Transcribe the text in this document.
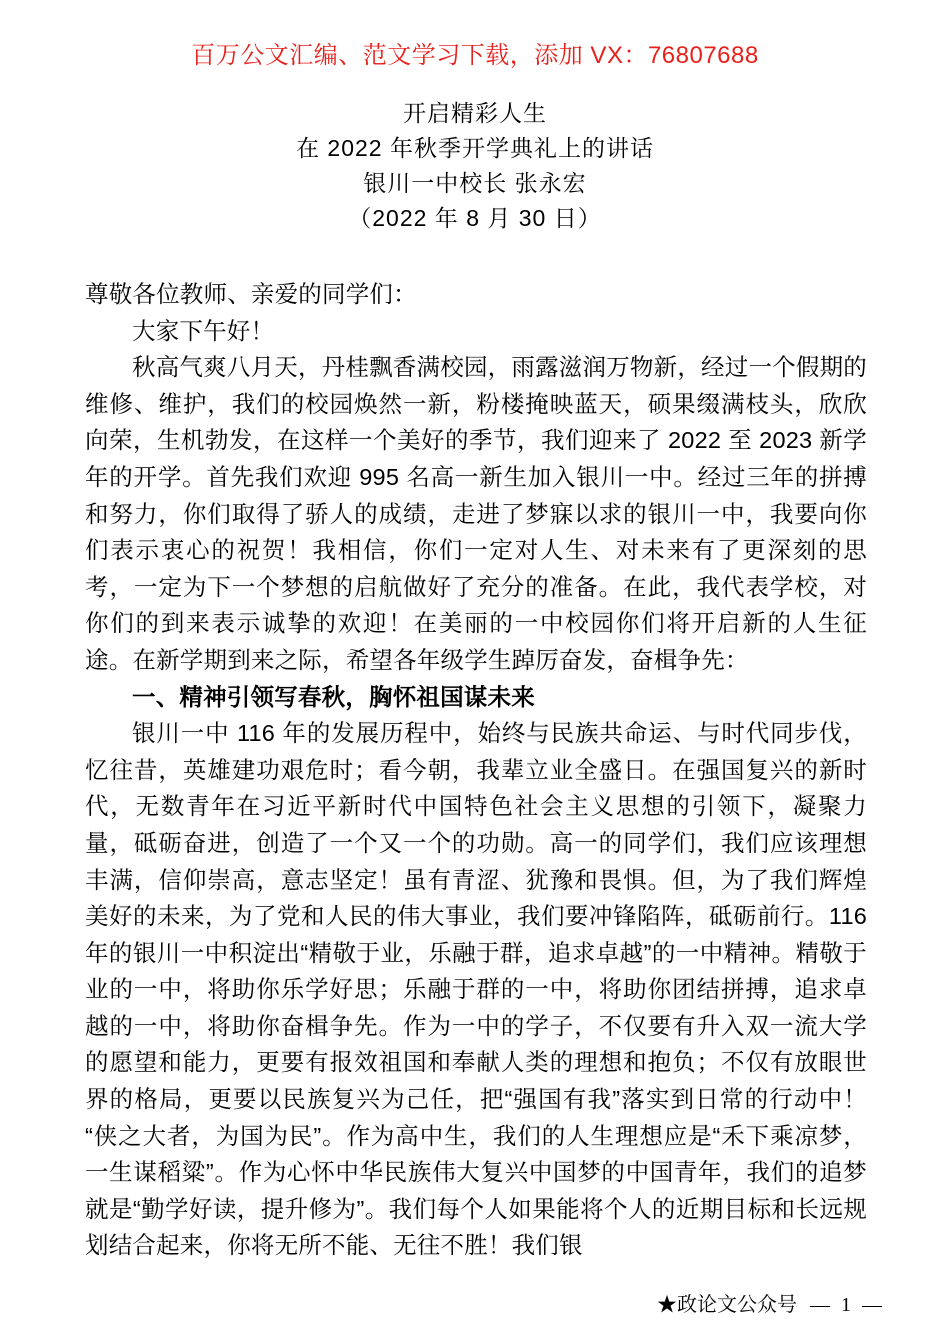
百万公文汇编、范文学习下载，添加 VX：76807688
开启精彩人生
在 2022 年秋季开学典礼上的讲话
银川一中校长 张永宏
（2022 年 8 月 30 日）

尊敬各位教师、亲爱的同学们：

大家下午好！

秋高气爽八月天，丹桂飘香满校园，雨露滋润万物新，经过一个假期的维修、维护，我们的校园焕然一新，粉楼掩映蓝天，硕果缀满枝头，欣欣向荣，生机勃发，在这样一个美好的季节，我们迎来了 2022 至 2023 新学年的开学。首先我们欢迎 995 名高一新生加入银川一中。经过三年的拼搏和努力，你们取得了骄人的成绩，走进了梦寐以求的银川一中，我要向你们表示衷心的祝贺！我相信，你们一定对人生、对未来有了更深刻的思考，一定为下一个梦想的启航做好了充分的准备。在此，我代表学校，对你们的到来表示诚挚的欢迎！在美丽的一中校园你们将开启新的人生征途。在新学期到来之际，希望各年级学生踔厉奋发，奋楫争先：

一、精神引领写春秋，胸怀祖国谋未来

银川一中 116 年的发展历程中，始终与民族共命运、与时代同步伐，忆往昔，英雄建功艰危时；看今朝，我辈立业全盛日。在强国复兴的新时代，无数青年在习近平新时代中国特色社会主义思想的引领下，凝聚力量，砥砺奋进，创造了一个又一个的功勋。高一的同学们，我们应该理想丰满，信仰崇高，意志坚定！虽有青涩、犹豫和畏惧。但，为了我们辉煌美好的未来，为了党和人民的伟大事业，我们要冲锋陷阵，砥砺前行。116 年的银川一中积淀出“精敬于业，乐融于群，追求卓越”的一中精神。精敬于业的一中，将助你乐学好思；乐融于群的一中，将助你团结拼搏，追求卓越的一中，将助你奋楫争先。作为一中的学子，不仅要有升入双一流大学的愿望和能力，更要有报效祖国和奉献人类的理想和抱负；不仅有放眼世界的格局，更要以民族复兴为己任，把“强国有我”落实到日常的行动中！“侠之大者，为国为民”。作为高中生，我们的人生理想应是“禾下乘凉梦，一生谋稻粱”。作为心怀中华民族伟大复兴中国梦的中国青年，我们的追梦就是“勤学好读，提升修为”。我们每个人如果能将个人的近期目标和长远规划结合起来，你将无所不能、无往不胜！我们银

★政论文公众号 — 1 —
